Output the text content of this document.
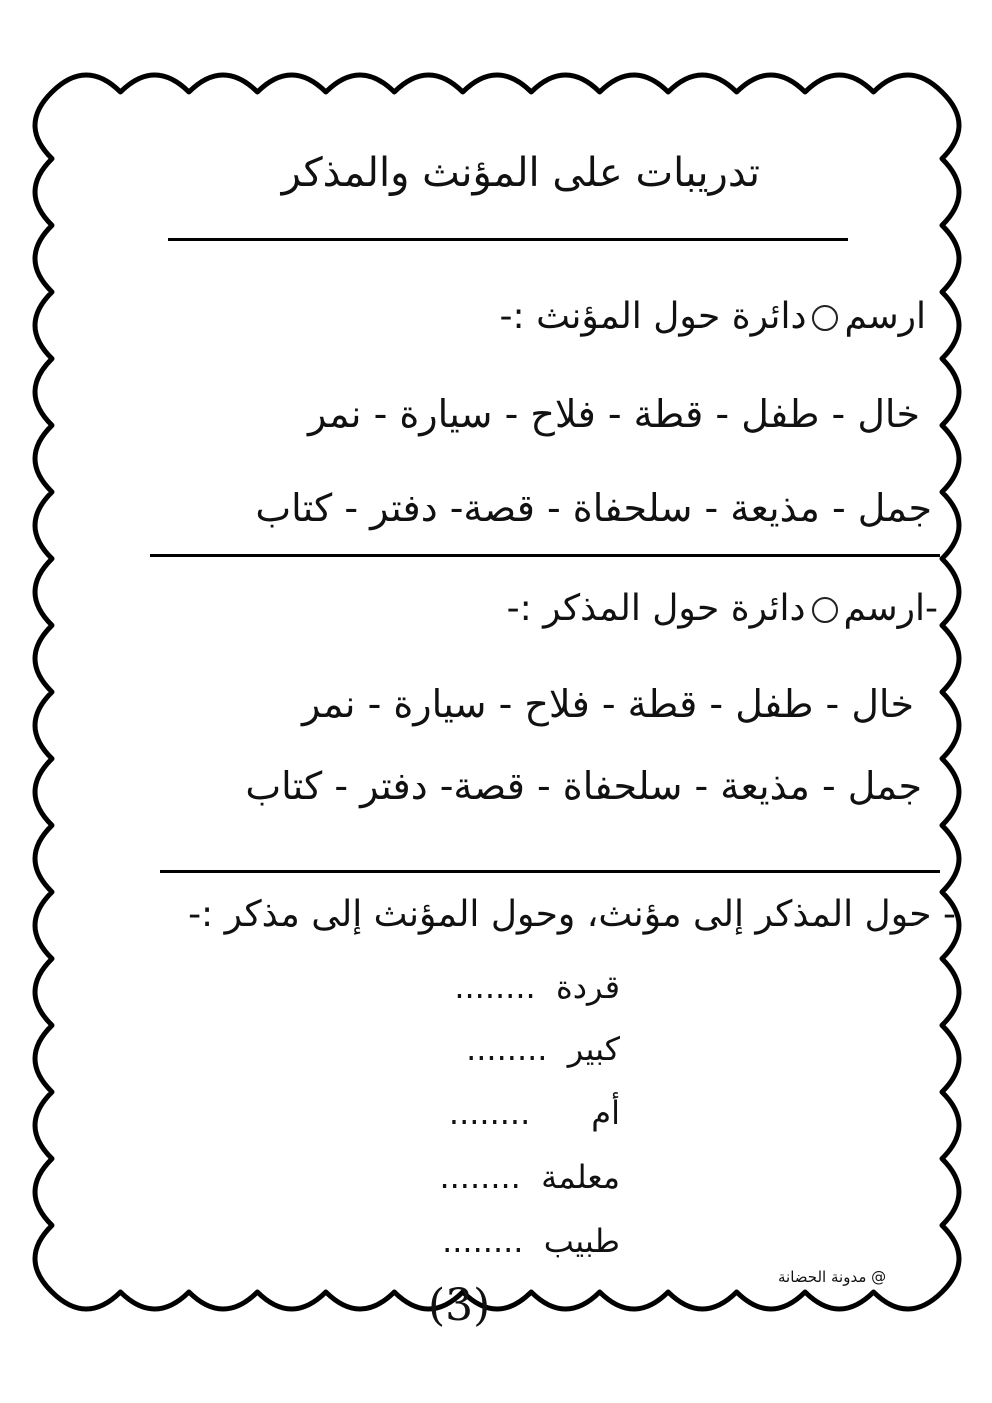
تدريبات على المؤنث والمذكر
ارسمدائرة حول المؤنث :-
خال - طفل - قطة - فلاح - سيارة - نمر
جمل - مذيعة - سلحفاة - قصة- دفتر - كتاب
-ارسمدائرة حول المذكر :-
خال - طفل - قطة - فلاح - سيارة - نمر
جمل - مذيعة - سلحفاة - قصة- دفتر - كتاب
- حول المذكر إلى مؤنث، وحول المؤنث إلى مذكر :-
قردة  ........
كبير  ........
أم      ........
معلمة  ........
طبيب  ........
@ مدونة الحضانة
(3)
